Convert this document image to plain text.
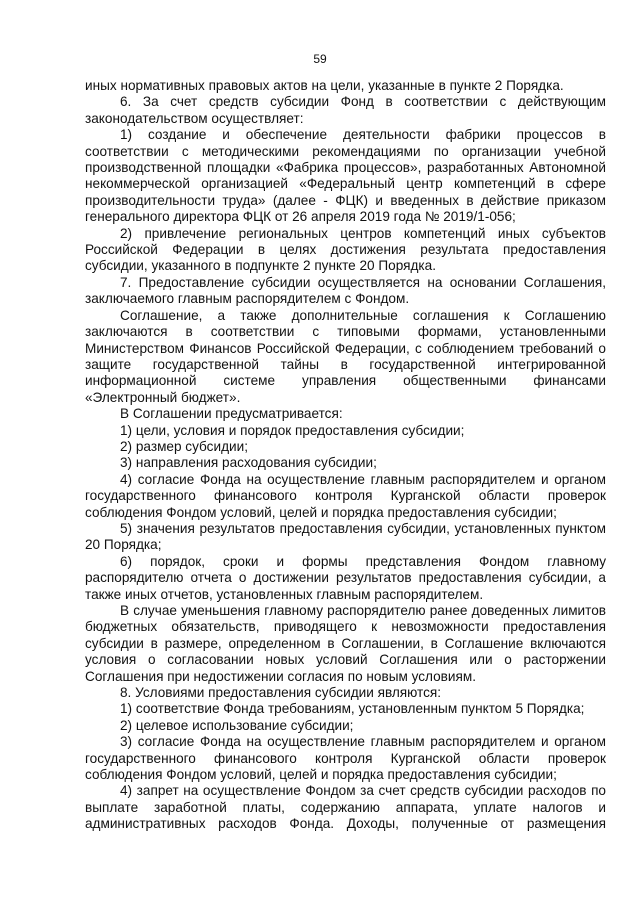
59

иных нормативных правовых актов на цели, указанные в пункте 2 Порядка.

6. За счет средств субсидии Фонд в соответствии с действующим законодательством осуществляет:

1) создание и обеспечение деятельности фабрики процессов в соответствии с методическими рекомендациями по организации учебной производственной площадки «Фабрика процессов», разработанных Автономной некоммерческой организацией «Федеральный центр компетенций в сфере производительности труда» (далее - ФЦК) и введенных в действие приказом генерального директора ФЦК от 26 апреля 2019 года № 2019/1-056;

2) привлечение региональных центров компетенций иных субъектов Российской Федерации в целях достижения результата предоставления субсидии, указанного в подпункте 2 пункте 20 Порядка.

7. Предоставление субсидии осуществляется на основании Соглашения, заключаемого главным распорядителем с Фондом.

Соглашение, а также дополнительные соглашения к Соглашению заключаются в соответствии с типовыми формами, установленными Министерством Финансов Российской Федерации, с соблюдением требований о защите государственной тайны в государственной интегрированной информационной системе управления общественными финансами «Электронный бюджет».

В Соглашении предусматривается:

1) цели, условия и порядок предоставления субсидии;

2) размер субсидии;

3) направления расходования субсидии;

4) согласие Фонда на осуществление главным распорядителем и органом государственного финансового контроля Курганской области проверок соблюдения Фондом условий, целей и порядка предоставления субсидии;

5) значения результатов предоставления субсидии, установленных пунктом 20 Порядка;

6) порядок, сроки и формы представления Фондом главному распорядителю отчета о достижении результатов предоставления субсидии, а также иных отчетов, установленных главным распорядителем.

В случае уменьшения главному распорядителю ранее доведенных лимитов бюджетных обязательств, приводящего к невозможности предоставления субсидии в размере, определенном в Соглашении, в Соглашение включаются условия о согласовании новых условий Соглашения или о расторжении Соглашения при недостижении согласия по новым условиям.

8. Условиями предоставления субсидии являются:

1) соответствие Фонда требованиям, установленным пунктом 5 Порядка;

2) целевое использование субсидии;

3) согласие Фонда на осуществление главным распорядителем и органом государственного финансового контроля Курганской области проверок соблюдения Фондом условий, целей и порядка предоставления субсидии;

4) запрет на осуществление Фондом за счет средств субсидии расходов по выплате заработной платы, содержанию аппарата, уплате налогов и административных расходов Фонда. Доходы, полученные от размещения
